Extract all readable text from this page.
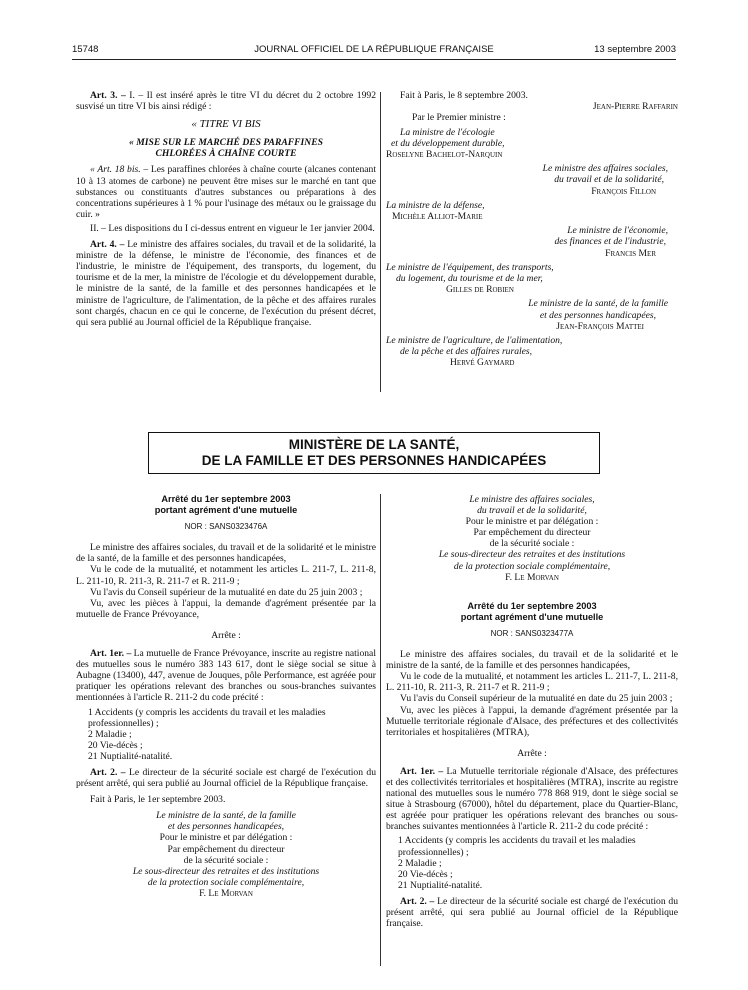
15748	JOURNAL OFFICIEL DE LA RÉPUBLIQUE FRANÇAISE	13 septembre 2003

Art. 3. – I. – Il est inséré après le titre VI du décret du 2 octobre 1992 susvisé un titre VI bis ainsi rédigé :

« TITRE VI BIS

« MISE SUR LE MARCHÉ DES PARAFFINES

CHLORÉES À CHAÎNE COURTE

« Art. 18 bis. – Les paraffines chlorées à chaîne courte (alcanes contenant 10 à 13 atomes de carbone) ne peuvent être mises sur le marché en tant que substances ou constituants d'autres substances ou préparations à des concentrations supérieures à 1 % pour l'usinage des métaux ou le graissage du cuir. »

II. – Les dispositions du I ci-dessus entrent en vigueur le 1er janvier 2004.

Art. 4. – Le ministre des affaires sociales, du travail et de la solidarité, la ministre de la défense, le ministre de l'économie, des finances et de l'industrie, le ministre de l'équipement, des transports, du logement, du tourisme et de la mer, la ministre de l'écologie et du développement durable, le ministre de la santé, de la famille et des personnes handicapées et le ministre de l'agriculture, de l'alimentation, de la pêche et des affaires rurales sont chargés, chacun en ce qui le concerne, de l'exécution du présent décret, qui sera publié au Journal officiel de la République française.

Fait à Paris, le 8 septembre 2003.

Jean-Pierre Raffarin

Par le Premier ministre :

La ministre de l'écologie

et du développement durable,

Roselyne Bachelot-Narquin

Le ministre des affaires sociales,

du travail et de la solidarité,

François Fillon

La ministre de la défense,

Michèle Alliot-Marie

Le ministre de l'économie,

des finances et de l'industrie,

Francis Mer

Le ministre de l'équipement, des transports,

du logement, du tourisme et de la mer,

Gilles de Robien

Le ministre de la santé, de la famille

et des personnes handicapées,

Jean-François Mattei

Le ministre de l'agriculture, de l'alimentation,

de la pêche et des affaires rurales,

Hervé Gaymard

MINISTÈRE DE LA SANTÉ,
DE LA FAMILLE ET DES PERSONNES HANDICAPÉES

Arrêté du 1er septembre 2003

portant agrément d'une mutuelle

NOR : SANS0323476A

Le ministre des affaires sociales, du travail et de la solidarité et le ministre de la santé, de la famille et des personnes handicapées,

Vu le code de la mutualité, et notamment les articles L. 211-7, L. 211-8, L. 211-10, R. 211-3, R. 211-7 et R. 211-9 ;

Vu l'avis du Conseil supérieur de la mutualité en date du 25 juin 2003 ;

Vu, avec les pièces à l'appui, la demande d'agrément présentée par la mutuelle de France Prévoyance,

Arrête :

Art. 1er. – La mutuelle de France Prévoyance, inscrite au registre national des mutuelles sous le numéro 383 143 617, dont le siège social se situe à Aubagne (13400), 447, avenue de Jouques, pôle Performance, est agréée pour pratiquer les opérations relevant des branches ou sous-branches suivantes mentionnées à l'article R. 211-2 du code précité :

1 Accidents (y compris les accidents du travail et les maladies professionnelles) ;

2 Maladie ;

20 Vie-décès ;

21 Nuptialité-natalité.

Art. 2. – Le directeur de la sécurité sociale est chargé de l'exécution du présent arrêté, qui sera publié au Journal officiel de la République française.

Fait à Paris, le 1er septembre 2003.

Le ministre de la santé, de la famille

et des personnes handicapées,

Pour le ministre et par délégation :

Par empêchement du directeur

de la sécurité sociale :

Le sous-directeur des retraites et des institutions

de la protection sociale complémentaire,

F. Le Morvan

Le ministre des affaires sociales,

du travail et de la solidarité,

Pour le ministre et par délégation :

Par empêchement du directeur

de la sécurité sociale :

Le sous-directeur des retraites et des institutions

de la protection sociale complémentaire,

F. Le Morvan

Arrêté du 1er septembre 2003

portant agrément d'une mutuelle

NOR : SANS0323477A

Le ministre des affaires sociales, du travail et de la solidarité et le ministre de la santé, de la famille et des personnes handicapées,

Vu le code de la mutualité, et notamment les articles L. 211-7, L. 211-8, L. 211-10, R. 211-3, R. 211-7 et R. 211-9 ;

Vu l'avis du Conseil supérieur de la mutualité en date du 25 juin 2003 ;

Vu, avec les pièces à l'appui, la demande d'agrément présentée par la Mutuelle territoriale régionale d'Alsace, des préfectures et des collectivités territoriales et hospitalières (MTRA),

Arrête :

Art. 1er. – La Mutuelle territoriale régionale d'Alsace, des préfectures et des collectivités territoriales et hospitalières (MTRA), inscrite au registre national des mutuelles sous le numéro 778 868 919, dont le siège social se situe à Strasbourg (67000), hôtel du département, place du Quartier-Blanc, est agréée pour pratiquer les opérations relevant des branches ou sous-branches suivantes mentionnées à l'article R. 211-2 du code précité :

1 Accidents (y compris les accidents du travail et les maladies professionnelles) ;

2 Maladie ;

20 Vie-décès ;

21 Nuptialité-natalité.

Art. 2. – Le directeur de la sécurité sociale est chargé de l'exécution du présent arrêté, qui sera publié au Journal officiel de la République française.
